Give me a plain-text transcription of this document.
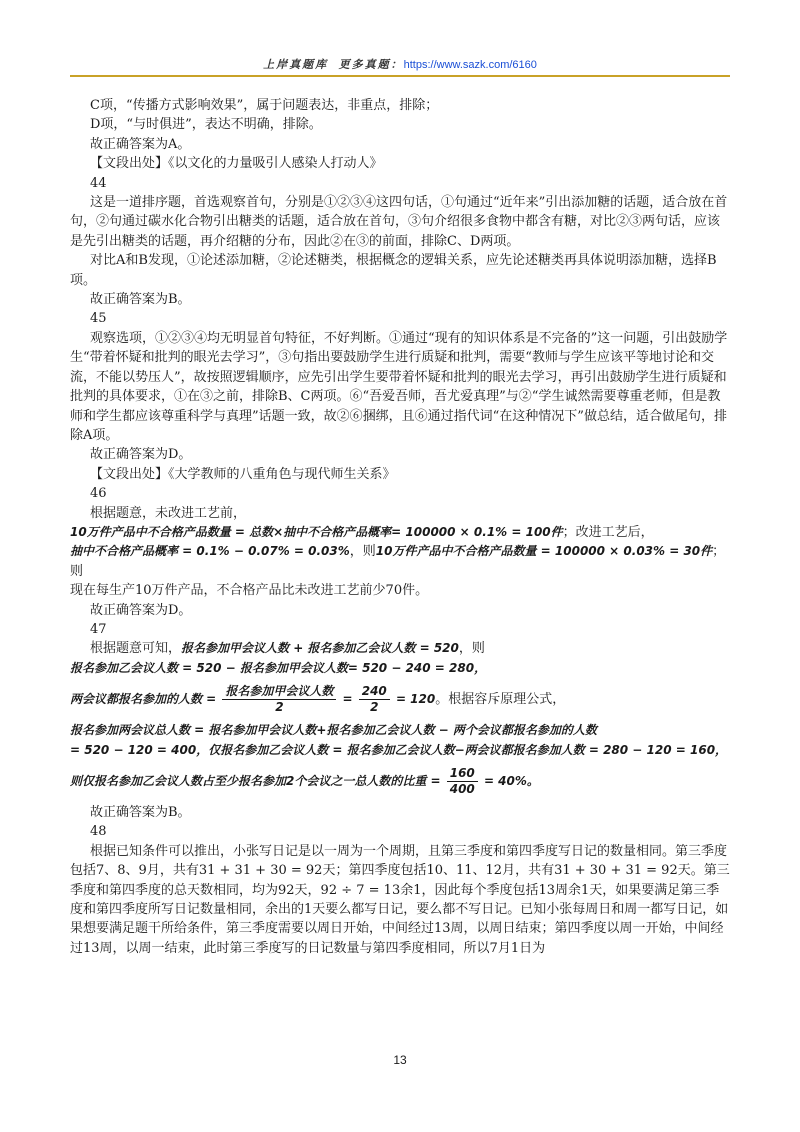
上岸真题库 更多真题：https://www.sazk.com/6160

C项，“传播方式影响效果”，属于问题表达，非重点，排除；

D项，“与时俱进”，表达不明确，排除。

故正确答案为A。

【文段出处】《以文化的力量吸引人感染人打动人》

44

这是一道排序题，首选观察首句，分别是①②③④这四句话，①句通过“近年来”引出添加糖的话题，适合放在首句，②句通过碳水化合物引出糖类的话题，适合放在首句，③句介绍很多食物中都含有糖，对比②③两句话，应该是先引出糖类的话题，再介绍糖的分布，因此②在③的前面，排除C、D两项。

对比A和B发现，①论述添加糖，②论述糖类，根据概念的逻辑关系，应先论述糖类再具体说明添加糖，选择B项。

故正确答案为B。

45

观察选项，①②③④均无明显首句特征，不好判断。①通过“现有的知识体系是不完备的”这一问题，引出鼓励学生“带着怀疑和批判的眼光去学习”，③句指出要鼓励学生进行质疑和批判，需要“教师与学生应该平等地讨论和交流，不能以势压人”，故按照逻辑顺序，应先引出学生要带着怀疑和批判的眼光去学习，再引出鼓励学生进行质疑和批判的具体要求，①在③之前，排除B、C两项。⑥“吾爱吾师，吾尤爱真理”与②“学生诚然需要尊重老师，但是教师和学生都应该尊重科学与真理”话题一致，故②⑥捆绑，且⑥通过指代词“在这种情况下”做总结，适合做尾句，排除A项。

故正确答案为D。

【文段出处】《大学教师的八重角色与现代师生关系》

46

根据题意，未改进工艺前，

10万件产品中不合格产品数量 = 总数×抽中不合格产品概率= 100000 × 0.1% = 100件；改进工艺后，

抽中不合格产品概率 = 0.1% − 0.07% = 0.03%，则10万件产品中不合格产品数量 = 100000 × 0.03% = 30件；则

现在每生产10万件产品，不合格产品比未改进工艺前少70件。

故正确答案为D。

47

根据题意可知，报名参加甲会议人数 + 报名参加乙会议人数 = 520，则

报名参加乙会议人数 = 520 − 报名参加甲会议人数= 520 − 240 = 280，

两会议都报名参加的人数 = $\frac{\text{报名参加甲会议人数}}{2} = \frac{240}{2} = 120$。根据容斥原理公式，

报名参加两会议总人数 = 报名参加甲会议人数+报名参加乙会议人数 − 两个会议都报名参加的人数

= 520 − 120 = 400，仅报名参加乙会议人数 = 报名参加乙会议人数−两会议都报名参加人数 = 280 − 120 = 160，

则仅报名参加乙会议人数占至少报名参加2个会议之一总人数的比重 = $\frac{160}{400} = 40\%$。

故正确答案为B。

48

根据已知条件可以推出，小张写日记是以一周为一个周期，且第三季度和第四季度写日记的数量相同。第三季度包括7、8、9月，共有31 + 31 + 30 = 92天；第四季度包括10、11、12月，共有31 + 30 + 31 = 92天。第三季度和第四季度的总天数相同，均为92天，92 ÷ 7 = 13余1，因此每个季度包括13周余1天，如果要满足第三季度和第四季度所写日记数量相同，余出的1天要么都写日记，要么都不写日记。已知小张每周日和周一都写日记，如果想要满足题干所给条件，第三季度需要以周日开始，中间经过13周，以周日结束；第四季度以周一开始，中间经过13周，以周一结束，此时第三季度写的日记数量与第四季度相同，所以7月1日为

13
